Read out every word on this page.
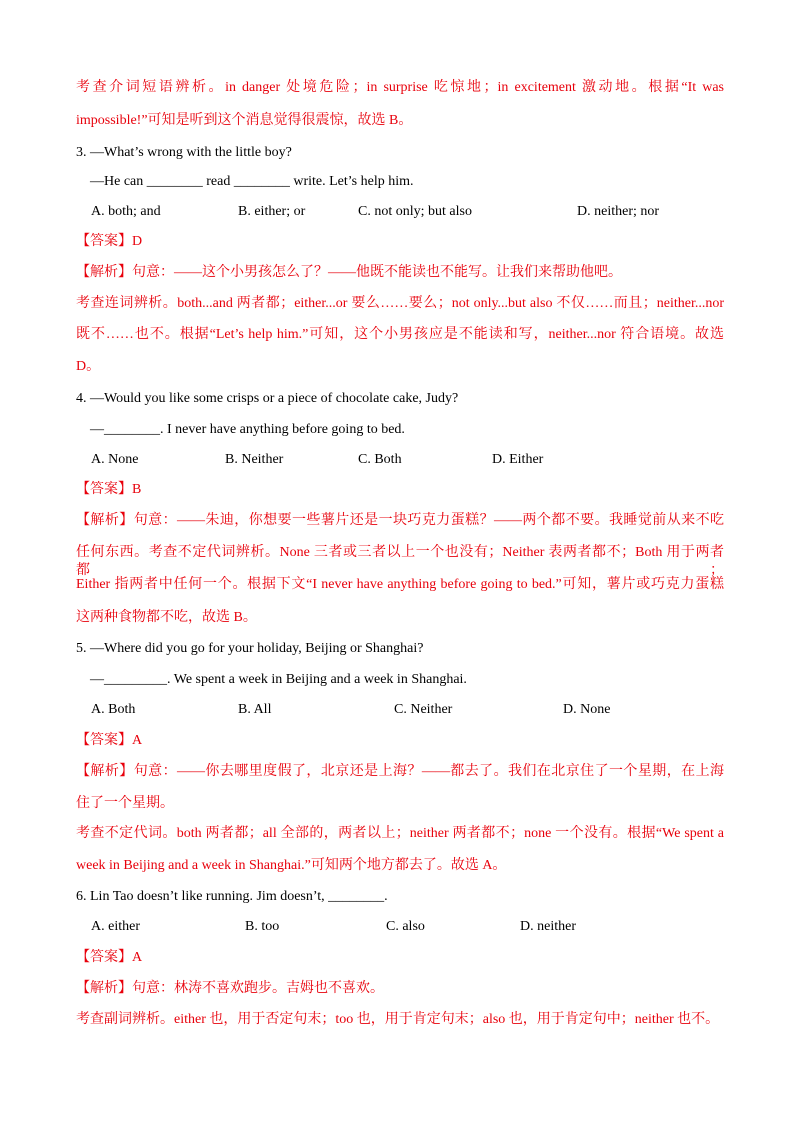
考查介词短语辨析。in danger 处境危险；in surprise 吃惊地；in excitement 激动地。根据“It was
impossible!”可知是听到这个消息觉得很震惊，故选 B。
3. —What’s wrong with the little boy?
—He can ________ read ________ write. Let’s help him.
A. both; and	B. either; or	C. not only; but also	D. neither; nor
【答案】D
【解析】句意：——这个小男孩怎么了？——他既不能读也不能写。让我们来帮助他吧。
考查连词辨析。both...and 两者都；either...or 要么……要么；not only...but also 不仅……而且；neither...nor
既不……也不。根据“Let’s help him.”可知，这个小男孩应是不能读和写，neither...nor 符合语境。故选
D。
4. —Would you like some crisps or a piece of chocolate cake, Judy?
—________. I never have anything before going to bed.
A. None	B. Neither	C. Both	D. Either
【答案】B
【解析】句意：——朱迪，你想要一些薯片还是一块巧克力蛋糕？——两个都不要。我睡觉前从来不吃
任何东西。考查不定代词辨析。None 三者或三者以上一个也没有；Neither 表两者都不；Both 用于两者都；
Either 指两者中任何一个。根据下文“I never have anything before going to bed.”可知，薯片或巧克力蛋糕
这两种食物都不吃，故选 B。
5. —Where did you go for your holiday, Beijing or Shanghai?
—_________. We spent a week in Beijing and a week in Shanghai.
A. Both	B. All	C. Neither	D. None
【答案】A
【解析】句意：——你去哪里度假了，北京还是上海？——都去了。我们在北京住了一个星期，在上海
住了一个星期。
考查不定代词。both 两者都；all 全部的，两者以上；neither 两者都不；none 一个没有。根据“We spent a
week in Beijing and a week in Shanghai.”可知两个地方都去了。故选 A。
6. Lin Tao doesn’t like running. Jim doesn’t, ________.
A. either	B. too	C. also	D. neither
【答案】A
【解析】句意：林涛不喜欢跑步。吉姆也不喜欢。
考查副词辨析。either 也，用于否定句末；too 也，用于肯定句末；also 也，用于肯定句中；neither 也不。
